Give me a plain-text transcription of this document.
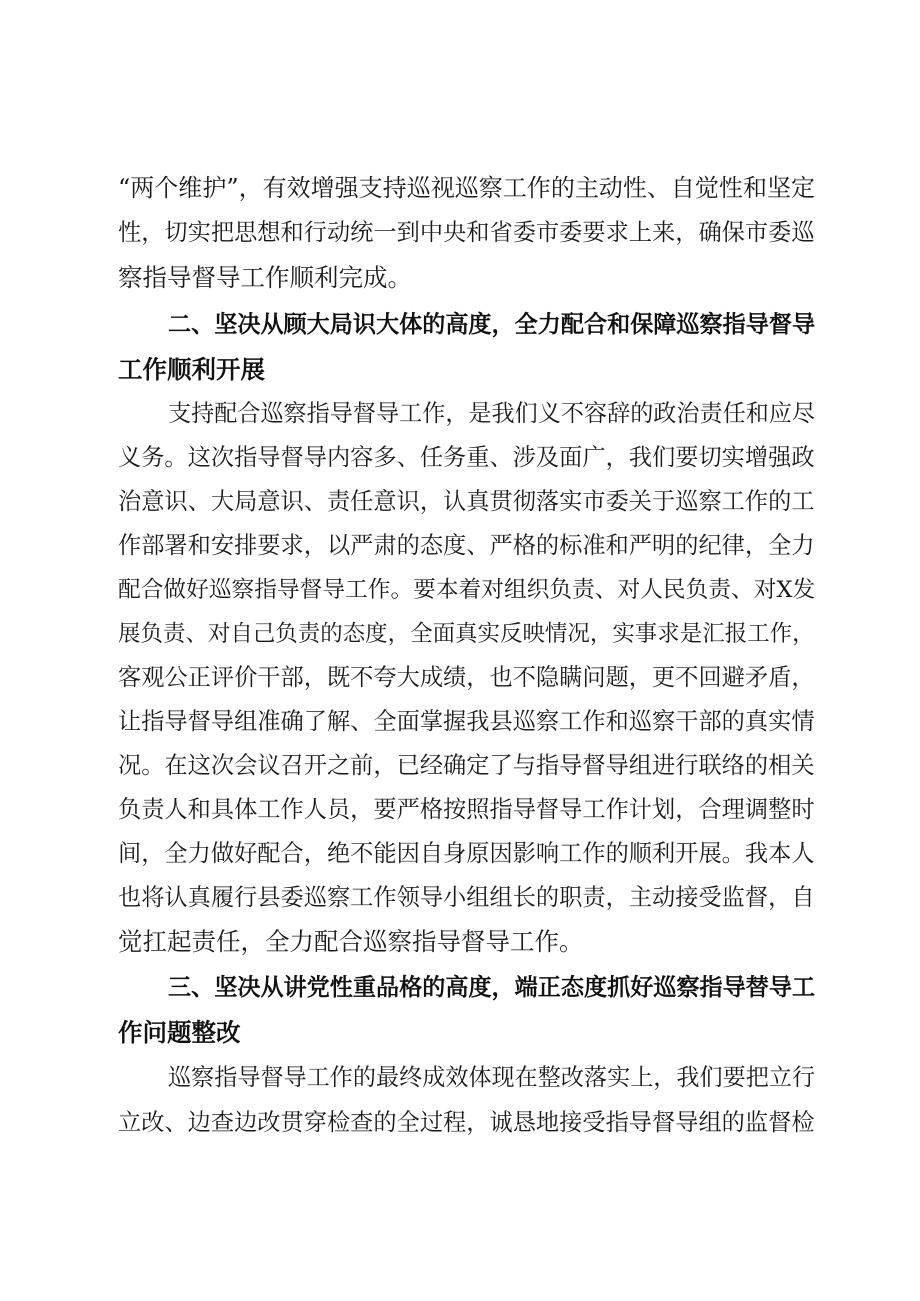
“两个维护”，有效增强支持巡视巡察工作的主动性、自觉性和坚定
性，切实把思想和行动统一到中央和省委市委要求上来，确保市委巡
察指导督导工作顺利完成。
二、坚决从顾大局识大体的高度，全力配合和保障巡察指导督导
工作顺利开展
支持配合巡察指导督导工作，是我们义不容辞的政治责任和应尽
义务。这次指导督导内容多、任务重、涉及面广，我们要切实增强政
治意识、大局意识、责任意识，认真贯彻落实市委关于巡察工作的工
作部署和安排要求，以严肃的态度、严格的标准和严明的纪律，全力
配合做好巡察指导督导工作。要本着对组织负责、对人民负责、对X发
展负责、对自己负责的态度，全面真实反映情况，实事求是汇报工作，
客观公正评价干部，既不夸大成绩，也不隐瞒问题，更不回避矛盾，
让指导督导组准确了解、全面掌握我县巡察工作和巡察干部的真实情
况。在这次会议召开之前，已经确定了与指导督导组进行联络的相关
负责人和具体工作人员，要严格按照指导督导工作计划，合理调整时
间，全力做好配合，绝不能因自身原因影响工作的顺利开展。我本人
也将认真履行县委巡察工作领导小组组长的职责，主动接受监督，自
觉扛起责任，全力配合巡察指导督导工作。
三、坚决从讲党性重品格的高度，端正态度抓好巡察指导替导工
作问题整改
巡察指导督导工作的最终成效体现在整改落实上，我们要把立行
立改、边查边改贯穿检查的全过程，诚恳地接受指导督导组的监督检
